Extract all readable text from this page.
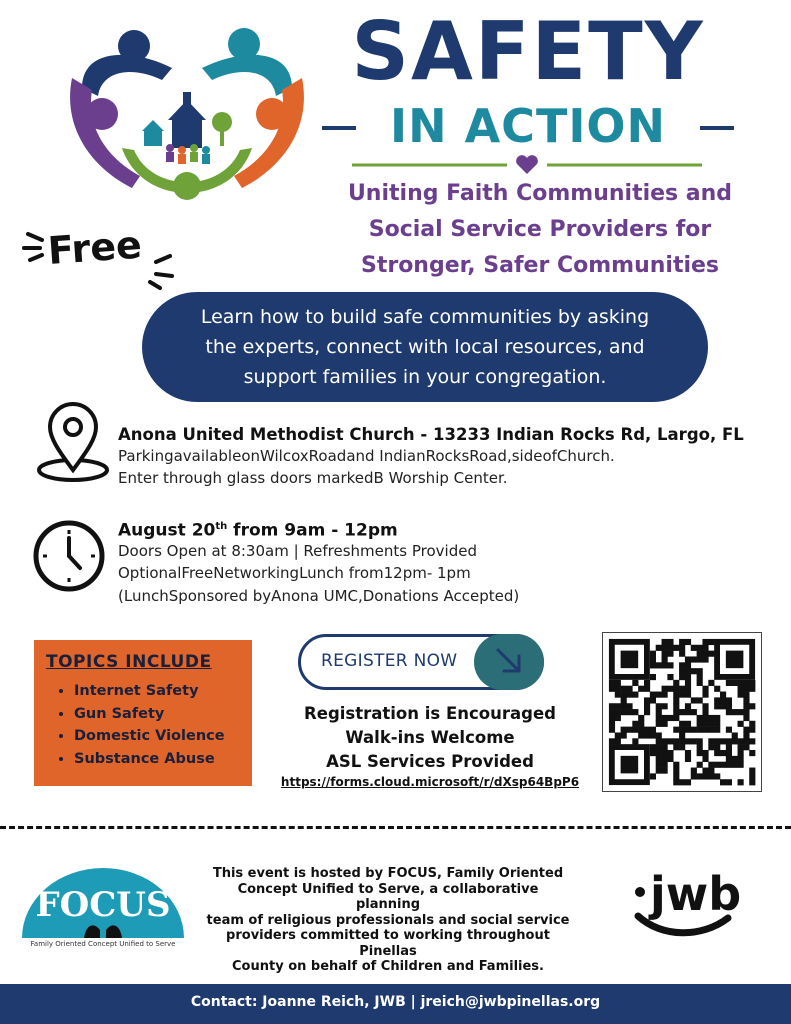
SAFETY
IN ACTION

Uniting Faith Communities and
Social Service Providers for
Stronger, Safer Communities

Free

Learn how to build safe communities by asking
the experts, connect with local resources, and
support families in your congregation.

Anona United Methodist Church - 13233 Indian Rocks Rd, Largo, FL
ParkingavailableonWilcoxRoadand IndianRocksRoad,sideofChurch.
Enter through glass doors markedB Worship Center.
August 20th from 9am - 12pm
Doors Open at 8:30am | Refreshments Provided
OptionalFreeNetworkingLunch from12pm- 1pm
(LunchSponsored byAnona UMC,Donations Accepted)
TOPICS INCLUDE
• Internet Safety
• Gun Safety
• Domestic Violence
• Substance Abuse
REGISTER NOW
Registration is Encouraged
Walk-ins Welcome
ASL Services Provided
https://forms.cloud.microsoft/r/dXsp64BpP6
FOCUS
Family Oriented Concept Unified to Serve
This event is hosted by FOCUS, Family Oriented
Concept Unified to Serve, a collaborative planning
team of religious professionals and social service
providers committed to working throughout Pinellas
County on behalf of Children and Families.
jwb
Contact: Joanne Reich, JWB | jreich@jwbpinellas.org
